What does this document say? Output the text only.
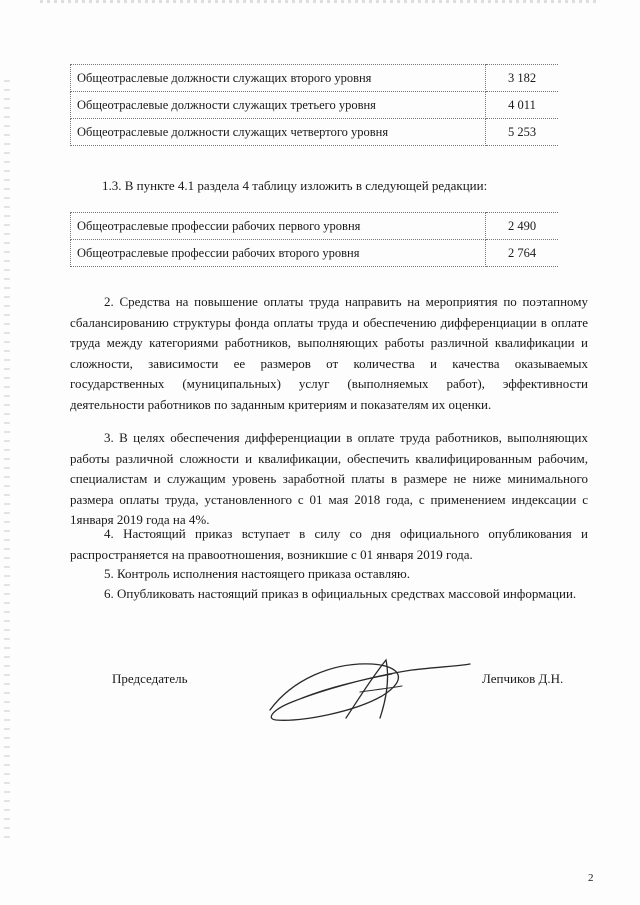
Общеотраслевые должности служащих второго уровня	3 182
Общеотраслевые должности служащих третьего уровня	4 011
Общеотраслевые должности служащих четвертого уровня	5 253
1.3. В пункте 4.1 раздела 4 таблицу изложить в следующей редакции:
Общеотраслевые профессии рабочих первого уровня	2 490
Общеотраслевые профессии рабочих второго уровня	2 764
2. Средства на повышение оплаты труда направить на мероприятия по поэтапному сбалансированию структуры фонда оплаты труда и обеспечению дифференциации в оплате труда между категориями работников, выполняющих работы различной квалификации и сложности, зависимости ее размеров от количества и качества оказываемых государственных (муниципальных) услуг (выполняемых работ), эффективности деятельности работников по заданным критериям и показателям их оценки.
3. В целях обеспечения дифференциации в оплате труда работников, выполняющих работы различной сложности и квалификации, обеспечить квалифицированным рабочим, специалистам и служащим уровень заработной платы в размере не ниже минимального размера оплаты труда, установленного с 01 мая 2018 года, с применением индексации с 1января 2019 года на 4%.
4. Настоящий приказ вступает в силу со дня официального опубликования и распространяется на правоотношения, возникшие с 01 января 2019 года.
5. Контроль исполнения настоящего приказа оставляю.
6. Опубликовать настоящий приказ в официальных средствах массовой информации.
Председатель	Лепчиков Д.Н.
2
